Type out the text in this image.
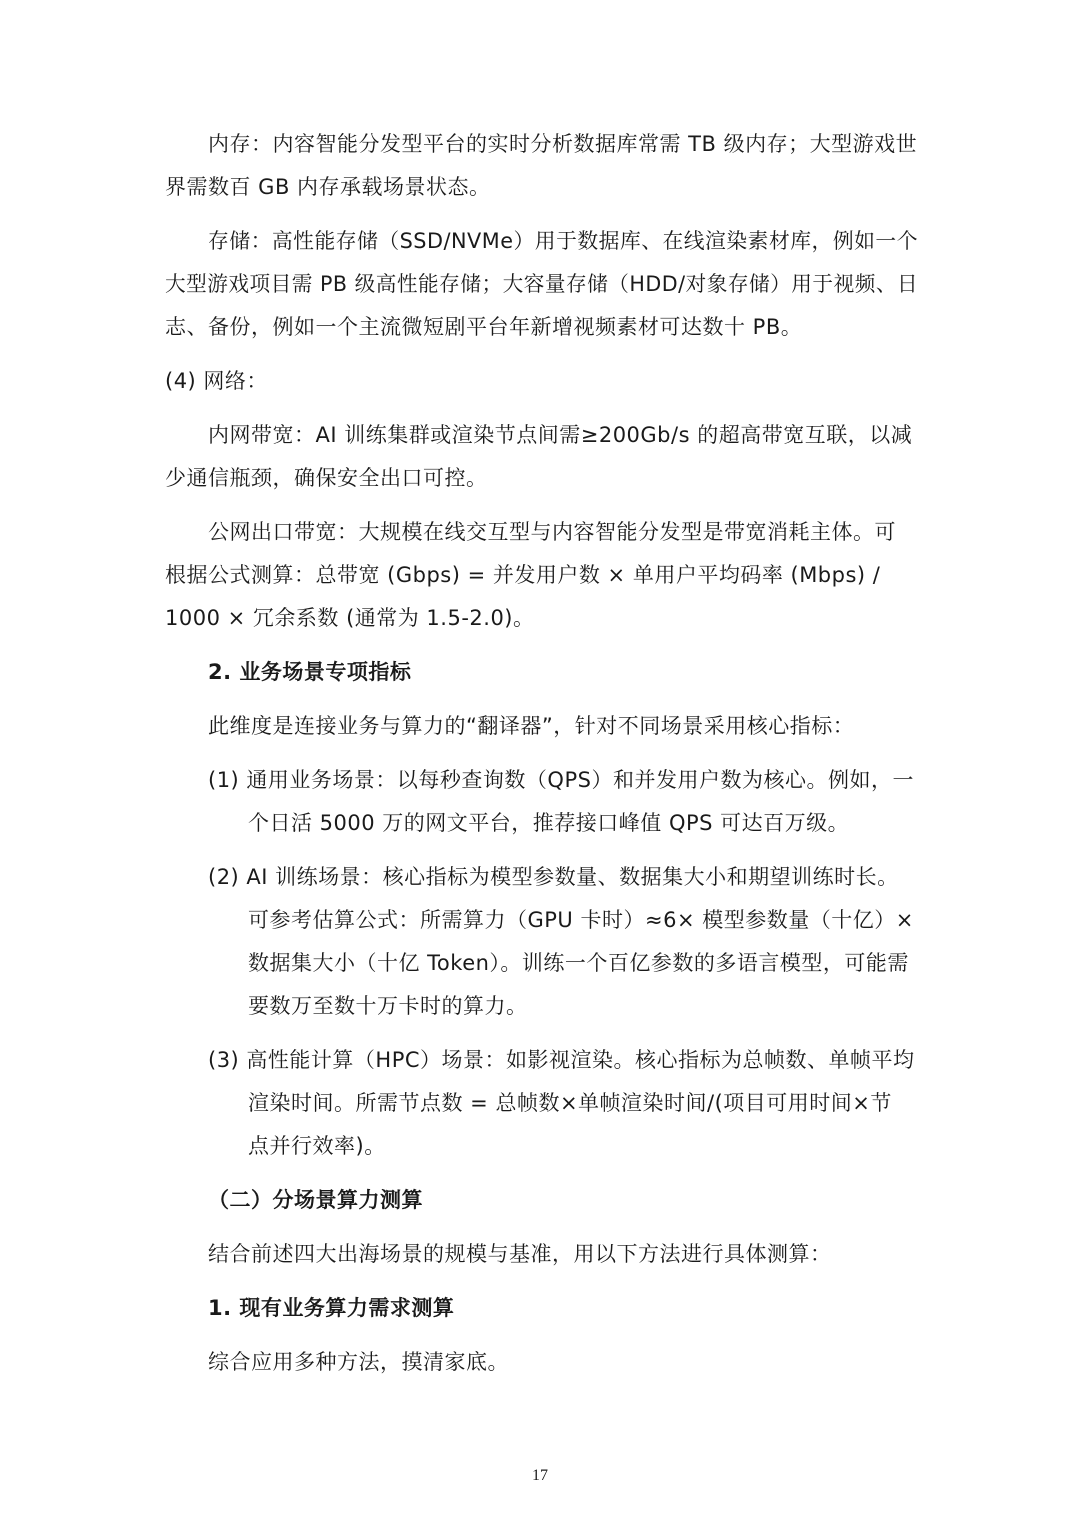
内存：内容智能分发型平台的实时分析数据库常需 TB 级内存；大型游戏世
界需数百 GB 内存承载场景状态。
存储：高性能存储（SSD/NVMe）用于数据库、在线渲染素材库，例如一个
大型游戏项目需 PB 级高性能存储；大容量存储（HDD/对象存储）用于视频、日
志、备份，例如一个主流微短剧平台年新增视频素材可达数十 PB。
(4) 网络：
内网带宽：AI 训练集群或渲染节点间需≥200Gb/s 的超高带宽互联，以减
少通信瓶颈，确保安全出口可控。
公网出口带宽：大规模在线交互型与内容智能分发型是带宽消耗主体。可
根据公式测算：总带宽 (Gbps) = 并发用户数 × 单用户平均码率 (Mbps) /
1000 × 冗余系数 (通常为 1.5-2.0)。
2. 业务场景专项指标
此维度是连接业务与算力的“翻译器”，针对不同场景采用核心指标：
(1) 通用业务场景：以每秒查询数（QPS）和并发用户数为核心。例如，一
个日活 5000 万的网文平台，推荐接口峰值 QPS 可达百万级。
(2) AI 训练场景：核心指标为模型参数量、数据集大小和期望训练时长。
可参考估算公式：所需算力（GPU 卡时）≈6× 模型参数量（十亿）×
数据集大小（十亿 Token）。训练一个百亿参数的多语言模型，可能需
要数万至数十万卡时的算力。
(3) 高性能计算（HPC）场景：如影视渲染。核心指标为总帧数、单帧平均
渲染时间。所需节点数 = 总帧数×单帧渲染时间/(项目可用时间×节
点并行效率)。
（二）分场景算力测算
结合前述四大出海场景的规模与基准，用以下方法进行具体测算：
1. 现有业务算力需求测算
综合应用多种方法，摸清家底。
17
